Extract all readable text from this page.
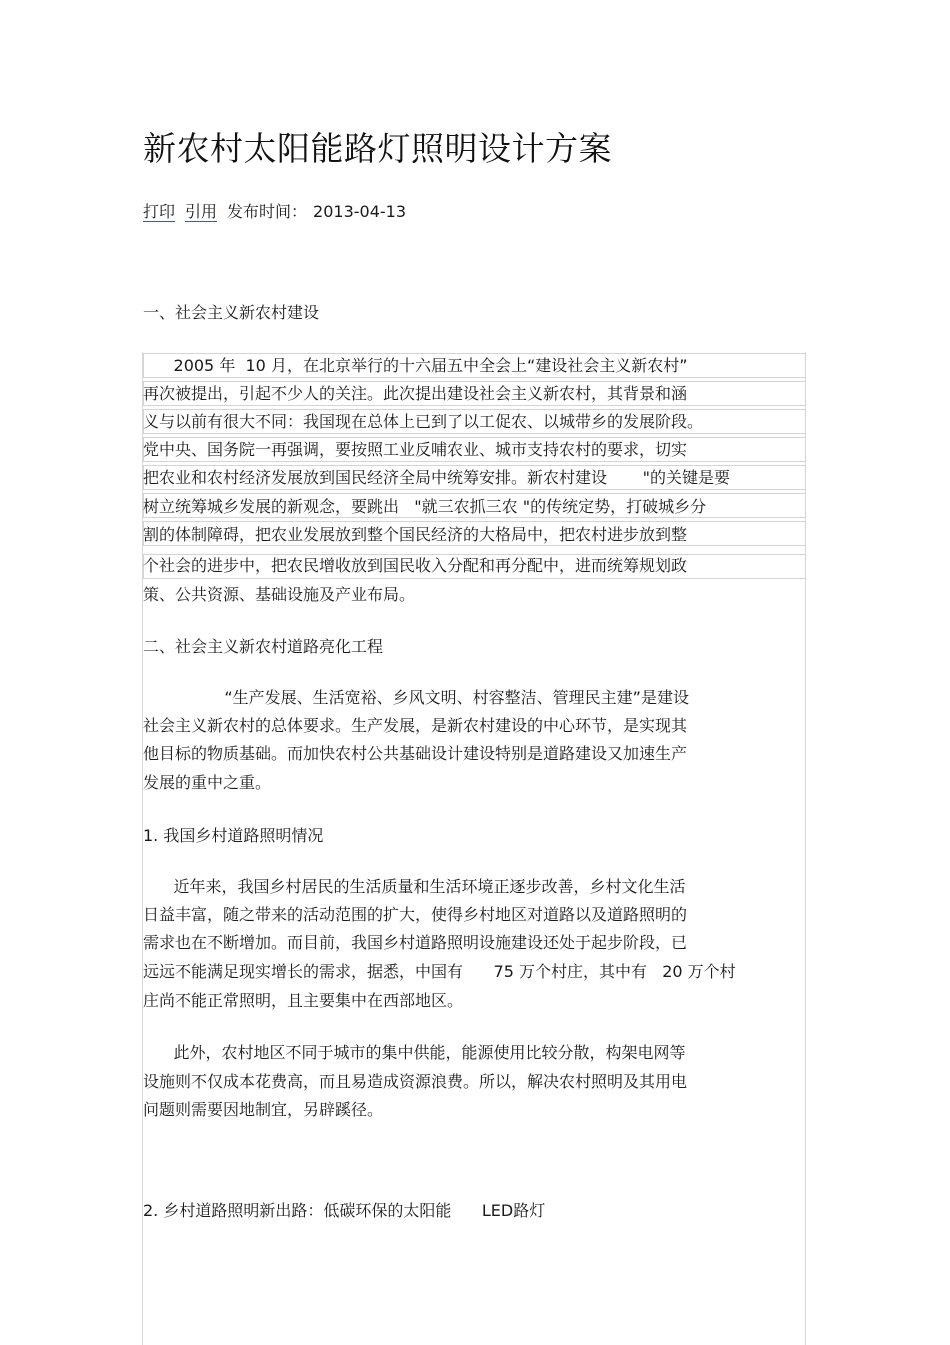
新农村太阳能路灯照明设计方案
打印 引用 发布时间： 2013-04-13
一、社会主义新农村建设
2005 年  10 月，在北京举行的十六届五中全会上“建设社会主义新农村”
再次被提出，引起不少人的关注。此次提出建设社会主义新农村，其背景和涵
义与以前有很大不同：我国现在总体上已到了以工促农、以城带乡的发展阶段。
党中央、国务院一再强调，要按照工业反哺农业、城市支持农村的要求，切实
把农业和农村经济发展放到国民经济全局中统筹安排。新农村建设       "的关键是要
树立统筹城乡发展的新观念，要跳出   "就三农抓三农 "的传统定势，打破城乡分
割的体制障碍，把农业发展放到整个国民经济的大格局中，把农村进步放到整
个社会的进步中，把农民增收放到国民收入分配和再分配中，进而统筹规划政
策、公共资源、基础设施及产业布局。
二、社会主义新农村道路亮化工程
“生产发展、生活宽裕、乡风文明、村容整洁、管理民主建”是建设
社会主义新农村的总体要求。生产发展，是新农村建设的中心环节，是实现其
他目标的物质基础。而加快农村公共基础设计建设特别是道路建设又加速生产
发展的重中之重。
1. 我国乡村道路照明情况
近年来，我国乡村居民的生活质量和生活环境正逐步改善，乡村文化生活
日益丰富，随之带来的活动范围的扩大，使得乡村地区对道路以及道路照明的
需求也在不断增加。而目前，我国乡村道路照明设施建设还处于起步阶段，已
远远不能满足现实增长的需求，据悉，中国有      75 万个村庄，其中有   20 万个村
庄尚不能正常照明，且主要集中在西部地区。
此外，农村地区不同于城市的集中供能，能源使用比较分散，构架电网等
设施则不仅成本花费高，而且易造成资源浪费。所以，解决农村照明及其用电
问题则需要因地制宜，另辟蹊径。
2. 乡村道路照明新出路：低碳环保的太阳能      LED路灯
